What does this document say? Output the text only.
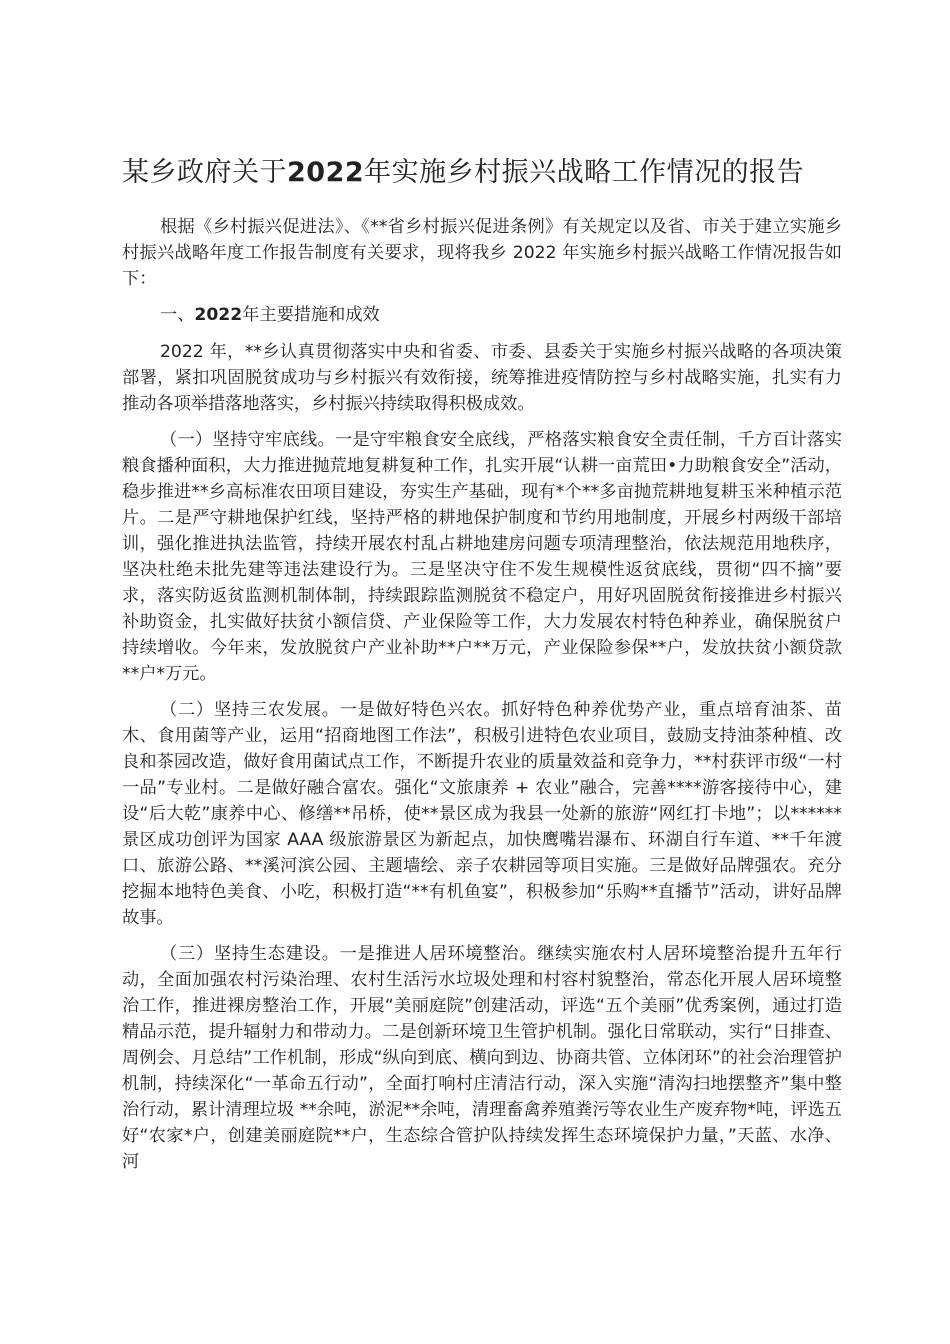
某乡政府关于2022年实施乡村振兴战略工作情况的报告

根据《乡村振兴促进法》、《**省乡村振兴促进条例》有关规定以及省、市关于建立实施乡村振兴战略年度工作报告制度有关要求，现将我乡 2022 年实施乡村振兴战略工作情况报告如下：

一、2022年主要措施和成效

2022 年，**乡认真贯彻落实中央和省委、市委、县委关于实施乡村振兴战略的各项决策部署，紧扣巩固脱贫成功与乡村振兴有效衔接，统筹推进疫情防控与乡村战略实施，扎实有力推动各项举措落地落实，乡村振兴持续取得积极成效。

（一）坚持守牢底线。一是守牢粮食安全底线，严格落实粮食安全责任制，千方百计落实粮食播种面积，大力推进抛荒地复耕复种工作，扎实开展“认耕一亩荒田•力助粮食安全”活动，稳步推进**乡高标准农田项目建设，夯实生产基础，现有*个**多亩抛荒耕地复耕玉米种植示范片。二是严守耕地保护红线，坚持严格的耕地保护制度和节约用地制度，开展乡村两级干部培训，强化推进执法监管，持续开展农村乱占耕地建房问题专项清理整治，依法规范用地秩序，坚决杜绝未批先建等违法建设行为。三是坚决守住不发生规模性返贫底线，贯彻“四不摘”要求，落实防返贫监测机制体制，持续跟踪监测脱贫不稳定户，用好巩固脱贫衔接推进乡村振兴补助资金，扎实做好扶贫小额信贷、产业保险等工作，大力发展农村特色种养业，确保脱贫户持续增收。今年来，发放脱贫户产业补助**户**万元，产业保险参保**户，发放扶贫小额贷款**户*万元。

（二）坚持三农发展。一是做好特色兴农。抓好特色种养优势产业，重点培育油茶、苗木、食用菌等产业，运用“招商地图工作法”，积极引进特色农业项目，鼓励支持油茶种植、改良和茶园改造，做好食用菌试点工作，不断提升农业的质量效益和竞争力，**村获评市级“一村一品”专业村。二是做好融合富农。强化“文旅康养 + 农业”融合，完善****游客接待中心，建设“后大乾”康养中心、修缮**吊桥，使**景区成为我县一处新的旅游“网红打卡地”；以******景区成功创评为国家 AAA 级旅游景区为新起点，加快鹰嘴岩瀑布、环湖自行车道、**千年渡口、旅游公路、**溪河滨公园、主题墙绘、亲子农耕园等项目实施。三是做好品牌强农。充分挖掘本地特色美食、小吃，积极打造“**有机鱼宴”，积极参加“乐购**直播节”活动，讲好品牌故事。

（三）坚持生态建设。一是推进人居环境整治。继续实施农村人居环境整治提升五年行动，全面加强农村污染治理、农村生活污水垃圾处理和村容村貌整治，常态化开展人居环境整治工作，推进裸房整治工作，开展“美丽庭院”创建活动，评选“五个美丽”优秀案例，通过打造精品示范，提升辐射力和带动力。二是创新环境卫生管护机制。强化日常联动，实行“日排查、周例会、月总结”工作机制，形成“纵向到底、横向到边、协商共管、立体闭环”的社会治理管护机制，持续深化“一革命五行动”，全面打响村庄清洁行动，深入实施“清沟扫地摆整齐”集中整治行动，累计清理垃圾 **余吨，淤泥**余吨，清理畜禽养殖粪污等农业生产废弃物*吨，评选五好“农家*户，创建美丽庭院**户，生态综合管护队持续发挥生态环境保护力量，”天蓝、水净、河
